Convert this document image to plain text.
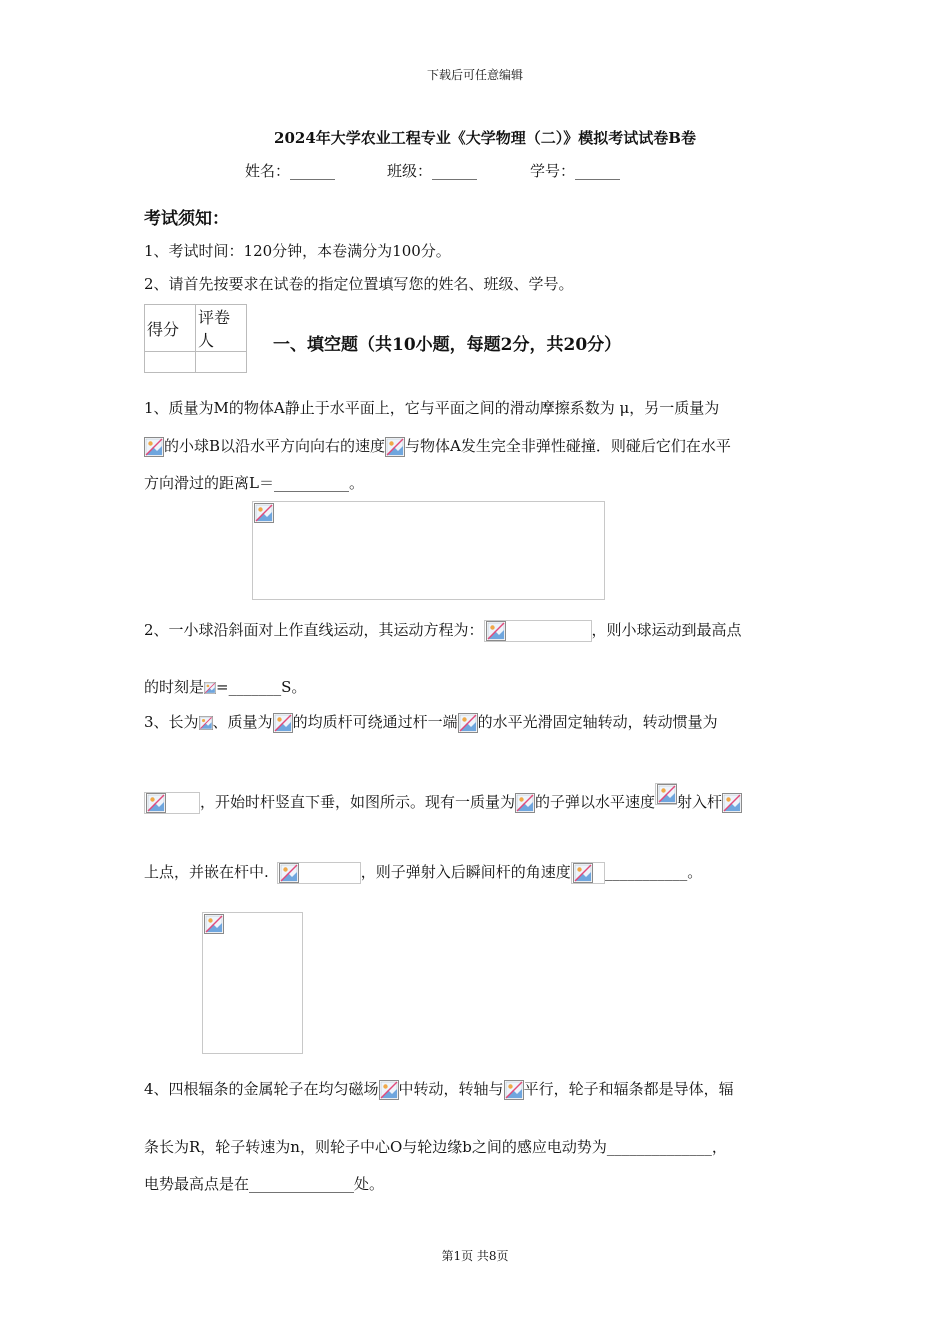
下载后可任意编辑
2024年大学农业工程专业《大学物理（二）》模拟考试试卷B卷
姓名：______	班级：______	学号：______
考试须知：
1、考试时间：120分钟，本卷满分为100分。
2、请首先按要求在试卷的指定位置填写您的姓名、班级、学号。
得分	评卷人
		一、填空题（共10小题，每题2分，共20分）
1、质量为M的物体A静止于水平面上，它与平面之间的滑动摩擦系数为 μ，另一质量为
的小球B以沿水平方向向右的速度 与物体A发生完全非弹性碰撞．则碰后它们在水平
方向滑过的距离L＝__________。
2、一小球沿斜面对上作直线运动，其运动方程为：	，则小球运动到最高点
的时刻是 =_______S。
3、长为 、质量为 的均质杆可绕通过杆一端 的水平光滑固定轴转动，转动惯量为
，开始时杆竖直下垂，如图所示。现有一质量为 的子弹以水平速度 射入杆
上点，并嵌在杆中.	，则子弹射入后瞬间杆的角速度 ___________。
4、四根辐条的金属轮子在均匀磁场 中转动，转轴与 平行，轮子和辐条都是导体，辐
条长为R，轮子转速为n，则轮子中心O与轮边缘b之间的感应电动势为______________，
电势最高点是在______________处。
第1页 共8页
